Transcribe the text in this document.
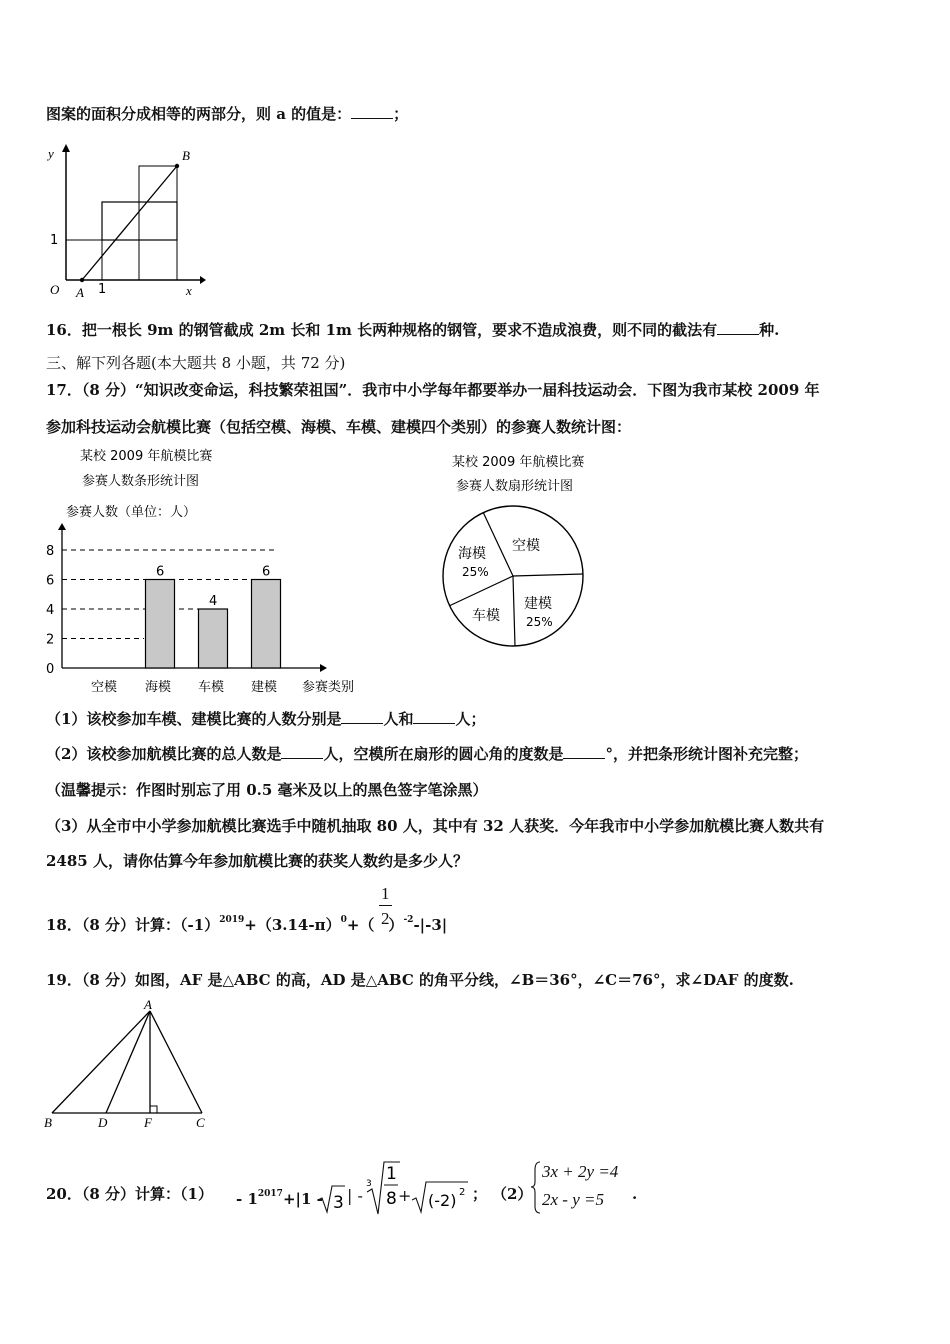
图案的面积分成相等的两部分，则 a 的值是：	；
y	B
1
O A 1	x
16．把一根长 9m 的钢管截成 2m 长和 1m 长两种规格的钢管，要求不造成浪费，则不同的截法有	种.
三、解下列各题(本大题共 8 小题，共 72 分)
17．（8 分）“知识改变命运，科技繁荣祖国”．我市中小学每年都要举办一届科技运动会．下图为我市某校 2009 年
参加科技运动会航模比赛（包括空模、海模、车模、建模四个类别）的参赛人数统计图：
0
2
4
6
8
空模 海模
6
车模
4
建模
6
某校 2009 年航模比赛
参赛人数条形统计图
参赛人数（单位：人）
参赛类别
某校 2009 年航模比赛
参赛人数扇形统计图
空模
建模
25%
车模
海模
25%
（1）该校参加车模、建模比赛的人数分别是	人和	人；
（2）该校参加航模比赛的总人数是	人，空模所在扇形的圆心角的度数是	°，并把条形统计图补充完整；
（温馨提示：作图时别忘了用 0.5 毫米及以上的黑色签字笔涂黑）
（3）从全市中小学参加航模比赛选手中随机抽取 80 人，其中有 32 人获奖．今年我市中小学参加航模比赛人数共有
2485 人，请你估算今年参加航模比赛的获奖人数约是多少人？
18．（8 分）计算：$(-1)^{2019}+(3.14-\pi)^0+$（ ）$^{-2}$-|-3|
1
2
19．（8 分）如图，AF 是△ABC 的高，AD 是△ABC 的角平分线，∠B＝36°，∠C＝76°，求∠DAF 的度数.
A
B	D	F	C
20．（8 分）计算：$(1) - 1^{2017}+|1 - 3$ | -
3 1
8 + (-2) 2 ； （2）
3x + 2y =4
2x - y =5 .
